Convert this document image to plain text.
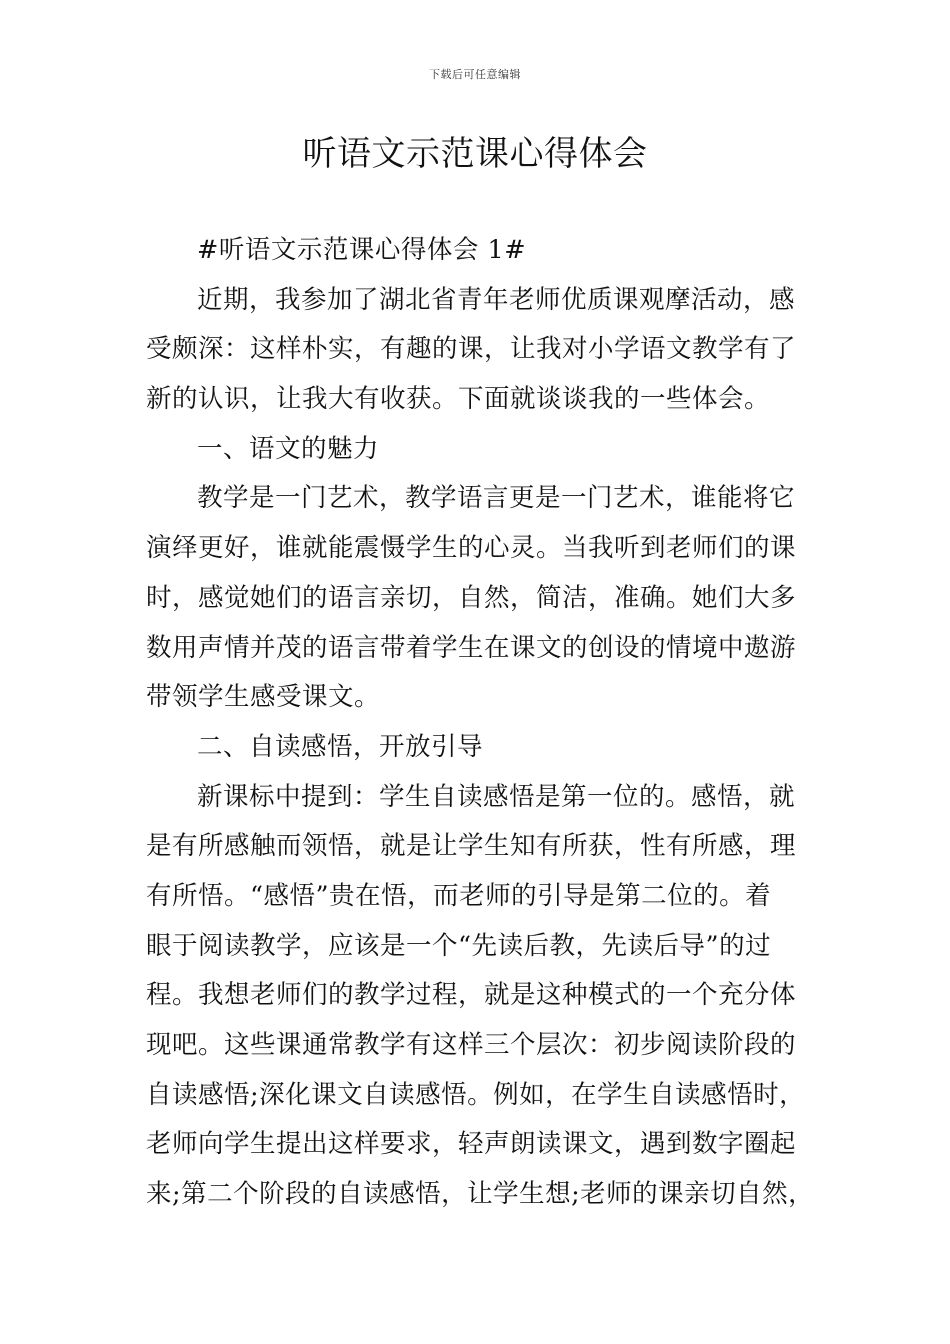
下载后可任意编辑
听语文示范课心得体会
#听语文示范课心得体会 1#
近期，我参加了湖北省青年老师优质课观摩活动，感
受颇深：这样朴实，有趣的课，让我对小学语文教学有了
新的认识，让我大有收获。下面就谈谈我的一些体会。
一、语文的魅力
教学是一门艺术，教学语言更是一门艺术，谁能将它
演绎更好，谁就能震慑学生的心灵。当我听到老师们的课
时，感觉她们的语言亲切，自然，简洁，准确。她们大多
数用声情并茂的语言带着学生在课文的创设的情境中遨游
带领学生感受课文。
二、自读感悟，开放引导
新课标中提到：学生自读感悟是第一位的。感悟，就
是有所感触而领悟，就是让学生知有所获，性有所感，理
有所悟。“感悟”贵在悟，而老师的引导是第二位的。着
眼于阅读教学，应该是一个“先读后教，先读后导”的过
程。我想老师们的教学过程，就是这种模式的一个充分体
现吧。这些课通常教学有这样三个层次：初步阅读阶段的
自读感悟;深化课文自读感悟。例如，在学生自读感悟时，
老师向学生提出这样要求，轻声朗读课文，遇到数字圈起
来;第二个阶段的自读感悟，让学生想;老师的课亲切自然，
